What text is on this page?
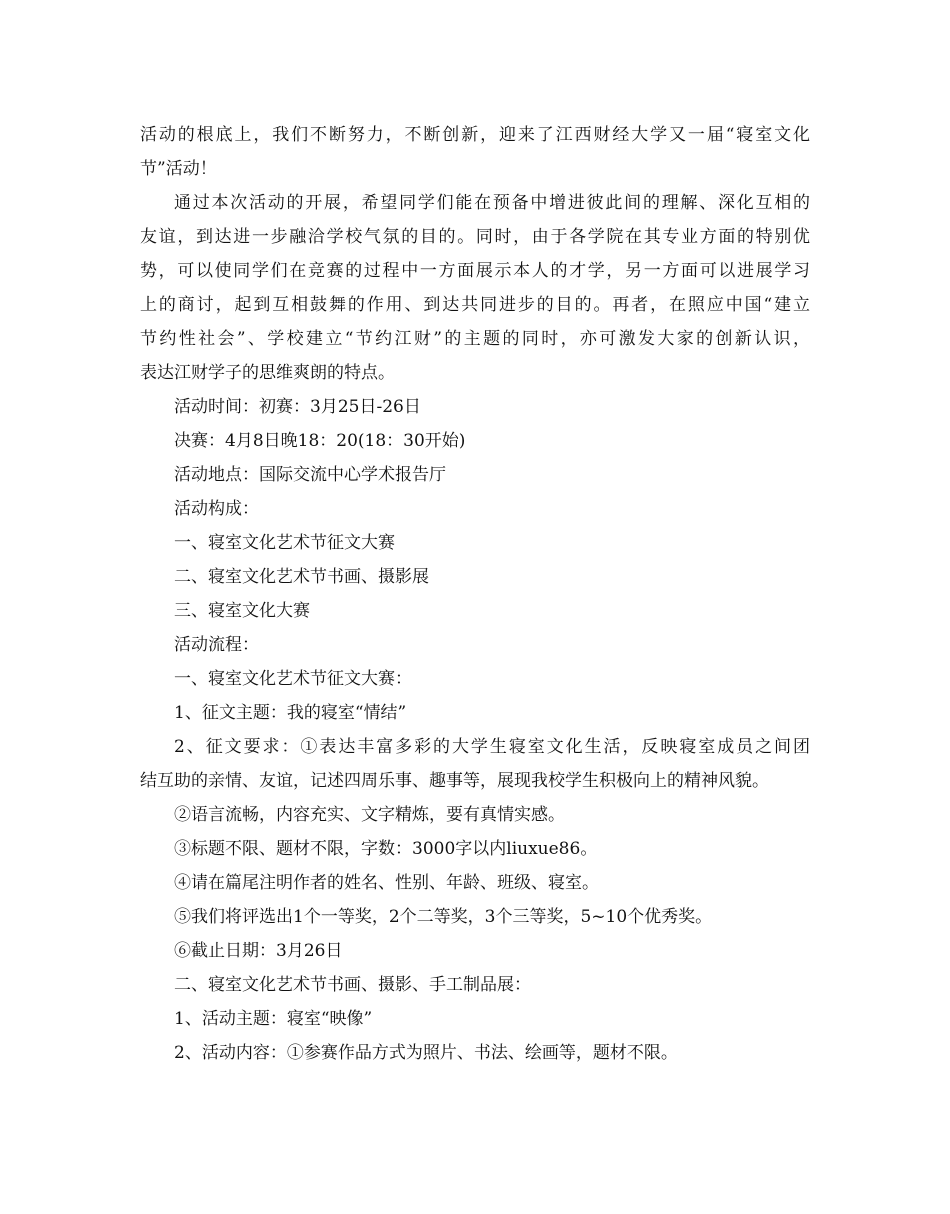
活动的根底上，我们不断努力，不断创新，迎来了江西财经大学又一届“寝室文化
节”活动！
通过本次活动的开展，希望同学们能在预备中增进彼此间的理解、深化互相的
友谊，到达进一步融洽学校气氛的目的。同时，由于各学院在其专业方面的特别优
势，可以使同学们在竞赛的过程中一方面展示本人的才学，另一方面可以进展学习
上的商讨，起到互相鼓舞的作用、到达共同进步的目的。再者，在照应中国“建立
节约性社会”、学校建立“节约江财”的主题的同时，亦可激发大家的创新认识，
表达江财学子的思维爽朗的特点。
活动时间：初赛：3月25日-26日
决赛：4月8日晚18：20(18：30开始)
活动地点：国际交流中心学术报告厅
活动构成：
一、寝室文化艺术节征文大赛
二、寝室文化艺术节书画、摄影展
三、寝室文化大赛
活动流程：
一、寝室文化艺术节征文大赛：
1、征文主题：我的寝室“情结”
2、征文要求：①表达丰富多彩的大学生寝室文化生活，反映寝室成员之间团
结互助的亲情、友谊，记述四周乐事、趣事等，展现我校学生积极向上的精神风貌。
②语言流畅，内容充实、文字精炼，要有真情实感。
③标题不限、题材不限，字数：3000字以内liuxue86。
④请在篇尾注明作者的姓名、性别、年龄、班级、寝室。
⑤我们将评选出1个一等奖，2个二等奖，3个三等奖，5~10个优秀奖。
⑥截止日期：3月26日
二、寝室文化艺术节书画、摄影、手工制品展：
1、活动主题：寝室“映像”
2、活动内容：①参赛作品方式为照片、书法、绘画等，题材不限。
